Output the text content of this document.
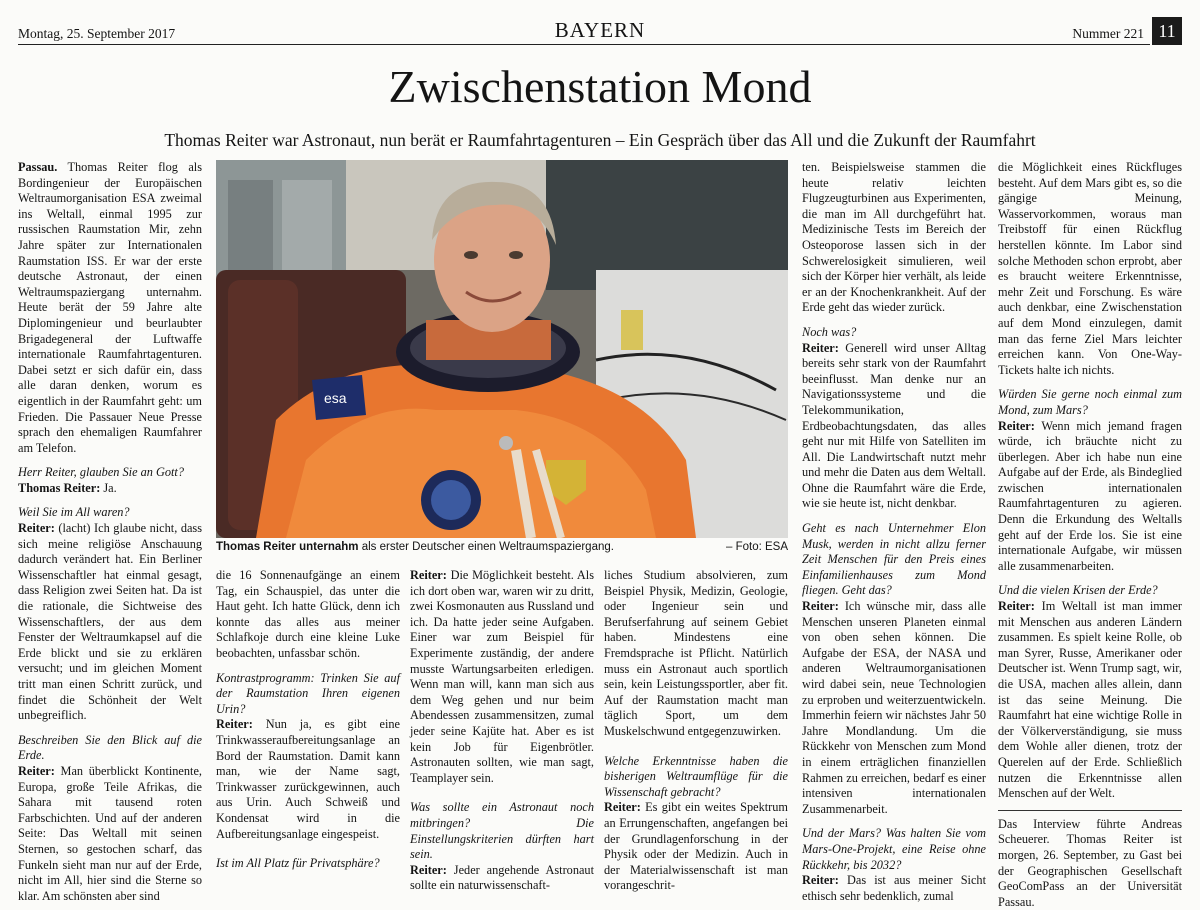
Montag, 25. September 2017	BAYERN	Nummer 221 11
Zwischenstation Mond
Thomas Reiter war Astronaut, nun berät er Raumfahrtagenturen – Ein Gespräch über das All und die Zukunft der Raumfahrt

Passau. Thomas Reiter flog als Bordingenieur der Europäischen Weltraumorganisation ESA zweimal ins Weltall, einmal 1995 zur russischen Raumstation Mir, zehn Jahre später zur Internationalen Raumstation ISS. Er war der erste deutsche Astronaut, der einen Weltraumspaziergang unternahm. Heute berät der 59 Jahre alte Diplomingenieur und beurlaubter Brigadegeneral der Luftwaffe internationale Raumfahrtagenturen. Dabei setzt er sich dafür ein, dass alle daran denken, worum es eigentlich in der Raumfahrt geht: um Frieden. Die Passauer Neue Presse sprach den ehemaligen Raumfahrer am Telefon.

Herr Reiter, glauben Sie an Gott?

Thomas Reiter: Ja.

Weil Sie im All waren?

Reiter: (lacht) Ich glaube nicht, dass sich meine religiöse Anschauung dadurch verändert hat. Ein Berliner Wissenschaftler hat einmal gesagt, dass Religion zwei Seiten hat. Da ist die rationale, die Sichtweise des Wissenschaftlers, der aus dem Fenster der Weltraumkapsel auf die Erde blickt und sie zu erklären versucht; und im gleichen Moment tritt man einen Schritt zurück, und findet die Schönheit der Welt unbegreiflich.

Beschreiben Sie den Blick auf die Erde.

Reiter: Man überblickt Kontinente, Europa, große Teile Afrikas, die Sahara mit tausend roten Farbschichten. Und auf der anderen Seite: Das Weltall mit seinen Sternen, so gestochen scharf, das Funkeln sieht man nur auf der Erde, nicht im All, hier sind die Sterne so klar. Am schönsten aber sind

esa
Thomas Reiter unternahm als erster Deutscher einen Weltraumspaziergang.	– Foto: ESA

die 16 Sonnenaufgänge an einem Tag, ein Schauspiel, das unter die Haut geht. Ich hatte Glück, denn ich konnte das alles aus meiner Schlafkoje durch eine kleine Luke beobachten, unfassbar schön.

Kontrastprogramm: Trinken Sie auf der Raumstation Ihren eigenen Urin?

Reiter: Nun ja, es gibt eine Trinkwasseraufbereitungsanlage an Bord der Raumstation. Damit kann man, wie der Name sagt, Trinkwasser zurückgewinnen, auch aus Urin. Auch Schweiß und Kondensat wird in die Aufbereitungsanlage eingespeist.

Ist im All Platz für Privatsphäre?

Reiter: Die Möglichkeit besteht. Als ich dort oben war, waren wir zu dritt, zwei Kosmonauten aus Russland und ich. Da hatte jeder seine Aufgaben. Einer war zum Beispiel für Experimente zuständig, der andere musste Wartungsarbeiten erledigen. Wenn man will, kann man sich aus dem Weg gehen und nur beim Abendessen zusammensitzen, zumal jeder seine Kajüte hat. Aber es ist kein Job für Eigenbrötler. Astronauten sollten, wie man sagt, Teamplayer sein.

Was sollte ein Astronaut noch mitbringen? Die Einstellungskriterien dürften hart sein.

Reiter: Jeder angehende Astronaut sollte ein naturwissenschaft-

liches Studium absolvieren, zum Beispiel Physik, Medizin, Geologie, oder Ingenieur sein und Berufserfahrung auf seinem Gebiet haben. Mindestens eine Fremdsprache ist Pflicht. Natürlich muss ein Astronaut auch sportlich sein, kein Leistungssportler, aber fit. Auf der Raumstation macht man täglich Sport, um dem Muskelschwund entgegenzuwirken.

Welche Erkenntnisse haben die bisherigen Weltraumflüge für die Wissenschaft gebracht?

Reiter: Es gibt ein weites Spektrum an Errungenschaften, angefangen bei der Grundlagenforschung in der Physik oder der Medizin. Auch in der Materialwissenschaft ist man vorangeschrit-

ten. Beispielsweise stammen die heute relativ leichten Flugzeugturbinen aus Experimenten, die man im All durchgeführt hat. Medizinische Tests im Bereich der Osteoporose lassen sich in der Schwerelosigkeit simulieren, weil sich der Körper hier verhält, als leide er an der Knochenkrankheit. Auf der Erde geht das wieder zurück.

Noch was?

Reiter: Generell wird unser Alltag bereits sehr stark von der Raumfahrt beeinflusst. Man denke nur an Navigationssysteme und die Telekommunikation, Erdbeobachtungsdaten, das alles geht nur mit Hilfe von Satelliten im All. Die Landwirtschaft nutzt mehr und mehr die Daten aus dem Weltall. Ohne die Raumfahrt wäre die Erde, wie sie heute ist, nicht denkbar.

Geht es nach Unternehmer Elon Musk, werden in nicht allzu ferner Zeit Menschen für den Preis eines Einfamilienhauses zum Mond fliegen. Geht das?

Reiter: Ich wünsche mir, dass alle Menschen unseren Planeten einmal von oben sehen können. Die Aufgabe der ESA, der NASA und anderen Weltraumorganisationen wird dabei sein, neue Technologien zu erproben und weiterzuentwickeln. Immerhin feiern wir nächstes Jahr 50 Jahre Mondlandung. Um die Rückkehr von Menschen zum Mond in einem erträglichen finanziellen Rahmen zu erreichen, bedarf es einer intensiven internationalen Zusammenarbeit.

Und der Mars? Was halten Sie vom Mars-One-Projekt, eine Reise ohne Rückkehr, bis 2032?

Reiter: Das ist aus meiner Sicht ethisch sehr bedenklich, zumal

die Möglichkeit eines Rückfluges besteht. Auf dem Mars gibt es, so die gängige Meinung, Wasservorkommen, woraus man Treibstoff für einen Rückflug herstellen könnte. Im Labor sind solche Methoden schon erprobt, aber es braucht weitere Erkenntnisse, mehr Zeit und Forschung. Es wäre auch denkbar, eine Zwischenstation auf dem Mond einzulegen, damit man das ferne Ziel Mars leichter erreichen kann. Von One-Way-Tickets halte ich nichts.

Würden Sie gerne noch einmal zum Mond, zum Mars?

Reiter: Wenn mich jemand fragen würde, ich bräuchte nicht zu überlegen. Aber ich habe nun eine Aufgabe auf der Erde, als Bindeglied zwischen internationalen Raumfahrtagenturen zu agieren. Denn die Erkundung des Weltalls geht auf der Erde los. Sie ist eine internationale Aufgabe, wir müssen alle zusammenarbeiten.

Und die vielen Krisen der Erde?

Reiter: Im Weltall ist man immer mit Menschen aus anderen Ländern zusammen. Es spielt keine Rolle, ob man Syrer, Russe, Amerikaner oder Deutscher ist. Wenn Trump sagt, wir, die USA, machen alles allein, dann ist das seine Meinung. Die Raumfahrt hat eine wichtige Rolle in der Völkerverständigung, sie muss dem Wohle aller dienen, trotz der Querelen auf der Erde. Schließlich nutzen die Erkenntnisse allen Menschen auf der Welt.

Das Interview führte Andreas Scheuerer. Thomas Reiter ist morgen, 26. September, zu Gast bei der Geographischen Gesellschaft GeoComPass an der Universität Passau.
